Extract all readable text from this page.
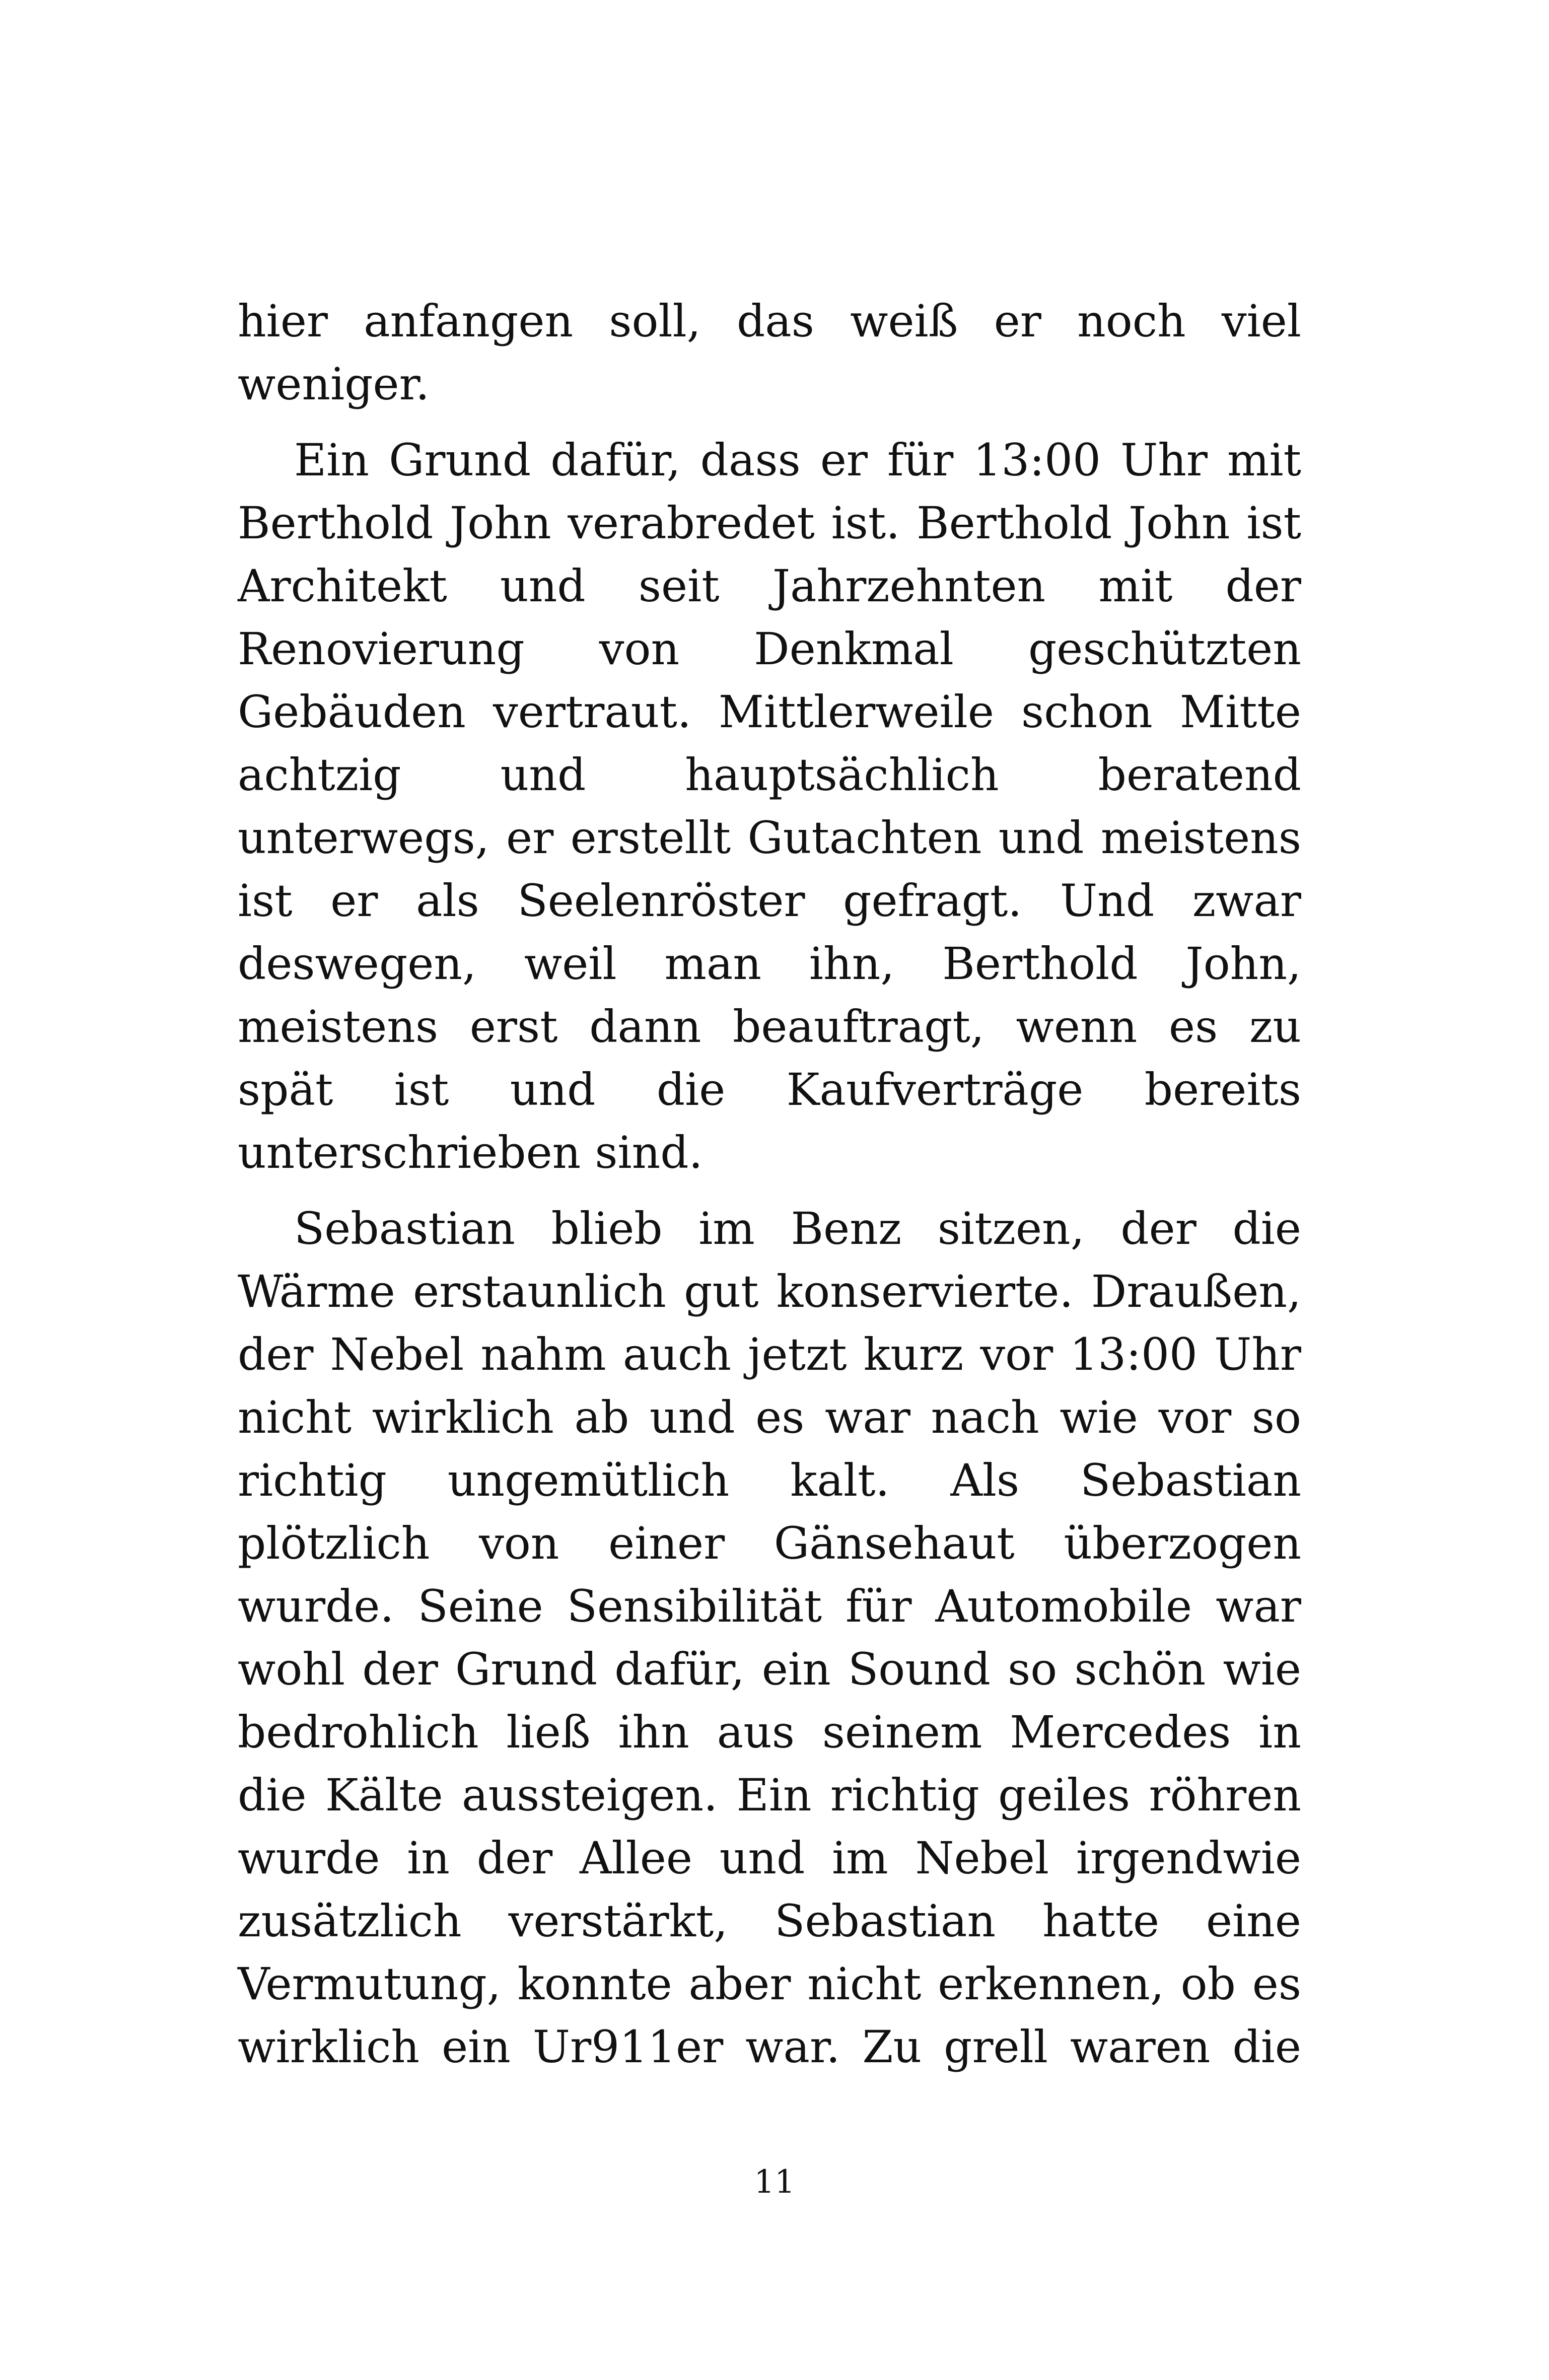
hier anfangen soll, das weiß er noch viel weniger.

Ein Grund dafür, dass er für 13:00 Uhr mit Berthold John verabredet ist. Berthold John ist Architekt und seit Jahrzehnten mit der Renovierung von Denkmal geschützten Gebäuden vertraut. Mittlerweile schon Mitte achtzig und hauptsächlich beratend unterwegs, er erstellt Gutachten und meistens ist er als Seelenröster gefragt. Und zwar deswegen, weil man ihn, Berthold John, meistens erst dann beauftragt, wenn es zu spät ist und die Kaufverträge bereits unterschrieben sind.

Sebastian blieb im Benz sitzen, der die Wärme erstaunlich gut konservierte. Draußen, der Nebel nahm auch jetzt kurz vor 13:00 Uhr nicht wirklich ab und es war nach wie vor so richtig ungemütlich kalt. Als Sebastian plötzlich von einer Gänsehaut überzogen wurde. Seine Sensibilität für Automobile war wohl der Grund dafür, ein Sound so schön wie bedrohlich ließ ihn aus seinem Mercedes in die Kälte aussteigen. Ein richtig geiles röhren wurde in der Allee und im Nebel irgendwie zusätzlich verstärkt, Sebastian hatte eine Vermutung, konnte aber nicht erkennen, ob es wirklich ein Ur911er war. Zu grell waren die

11
